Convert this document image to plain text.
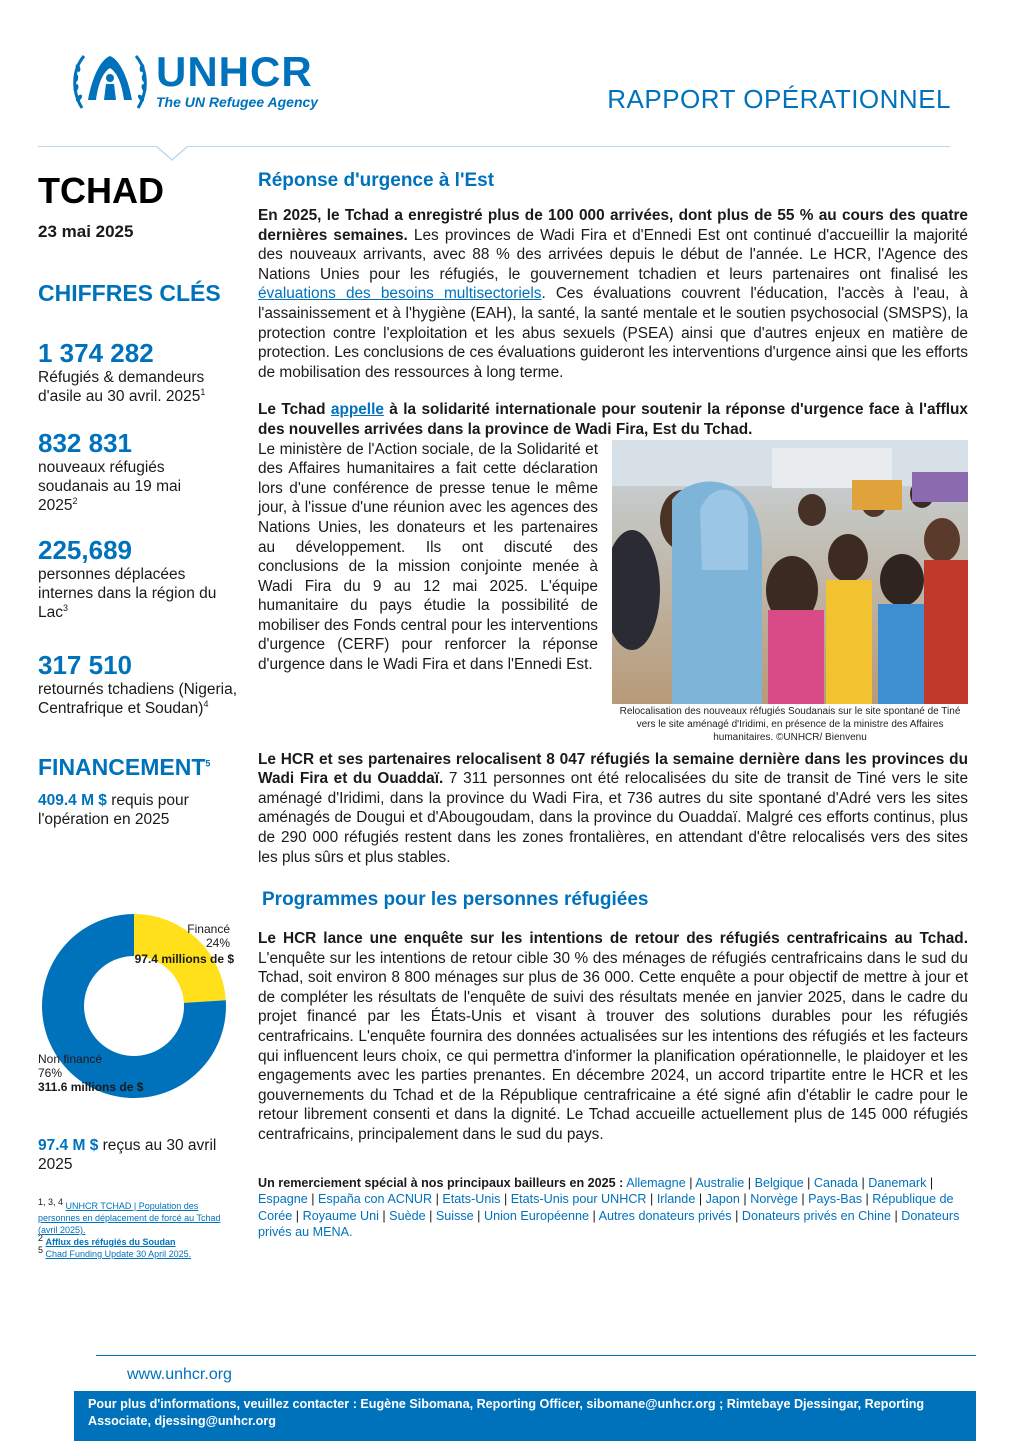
UNHCR
The UN Refugee Agency	RAPPORT OPÉRATIONNEL
TCHAD
23 mai 2025
CHIFFRES CLÉS
1 374 282
Réfugiés & demandeurs d'asile au 30 avril. 2025$^1$
832 831
nouveaux réfugiés soudanais au 19 mai 2025$^2$
225,689
personnes déplacées internes dans la région du Lac$^3$
317 510
retournés tchadiens (Nigeria, Centrafrique et Soudan)$^4$
FINANCEMENT$^5$
409.4 M $ requis pour l'opération en 2025
Financé
24%
97.4 millions de $
Non financé
76%
311.6 millions de $
97.4 M $ reçus au 30 avril 2025
$^{1, 3, 4}$ UNHCR TCHAD | Population des personnes en déplacement de forcé au Tchad (avril 2025).
$^2$ Afflux des réfugiés du Soudan
$^5$ Chad Funding Update 30 April 2025.
Réponse d'urgence à l'Est

En 2025, le Tchad a enregistré plus de 100 000 arrivées, dont plus de 55 % au cours des quatre dernières semaines. Les provinces de Wadi Fira et d'Ennedi Est ont continué d'accueillir la majorité des nouveaux arrivants, avec 88 % des arrivées depuis le début de l'année. Le HCR, l'Agence des Nations Unies pour les réfugiés, le gouvernement tchadien et leurs partenaires ont finalisé les évaluations des besoins multisectoriels. Ces évaluations couvrent l'éducation, l'accès à l'eau, à l'assainissement et à l'hygiène (EAH), la santé, la santé mentale et le soutien psychosocial (SMSPS), la protection contre l'exploitation et les abus sexuels (PSEA) ainsi que d'autres enjeux en matière de protection. Les conclusions de ces évaluations guideront les interventions d'urgence ainsi que les efforts de mobilisation des ressources à long terme.

Le Tchad appelle à la solidarité internationale pour soutenir la réponse d'urgence face à l'afflux des nouvelles arrivées dans la province de Wadi Fira, Est du Tchad.

Relocalisation des nouveaux réfugiés Soudanais sur le site spontané de Tiné vers le site aménagé d'Iridimi, en présence de la ministre des Affaires humanitaires. ©UNHCR/ Bienvenu

Le ministère de l'Action sociale, de la Solidarité et des Affaires humanitaires a fait cette déclaration lors d'une conférence de presse tenue le même jour, à l'issue d'une réunion avec les agences des Nations Unies, les donateurs et les partenaires au développement. Ils ont discuté des conclusions de la mission conjointe menée à Wadi Fira du 9 au 12 mai 2025. L'équipe humanitaire du pays étudie la possibilité de mobiliser des Fonds central pour les interventions d'urgence (CERF) pour renforcer la réponse d'urgence dans le Wadi Fira et dans l'Ennedi Est.

Le HCR et ses partenaires relocalisent 8 047 réfugiés la semaine dernière dans les provinces du Wadi Fira et du Ouaddaï. 7 311 personnes ont été relocalisées du site de transit de Tiné vers le site aménagé d'Iridimi, dans la province du Wadi Fira, et 736 autres du site spontané d'Adré vers les sites aménagés de Dougui et d'Abougoudam, dans la province du Ouaddaï. Malgré ces efforts continus, plus de 290 000 réfugiés restent dans les zones frontalières, en attendant d'être relocalisés vers des sites les plus sûrs et plus stables.

Programmes pour les personnes réfugiées

Le HCR lance une enquête sur les intentions de retour des réfugiés centrafricains au Tchad. L'enquête sur les intentions de retour cible 30 % des ménages de réfugiés centrafricains dans le sud du Tchad, soit environ 8 800 ménages sur plus de 36 000. Cette enquête a pour objectif de mettre à jour et de compléter les résultats de l'enquête de suivi des résultats menée en janvier 2025, dans le cadre du projet financé par les États-Unis et visant à trouver des solutions durables pour les réfugiés centrafricains. L'enquête fournira des données actualisées sur les intentions des réfugiés et les facteurs qui influencent leurs choix, ce qui permettra d'informer la planification opérationnelle, le plaidoyer et les engagements avec les parties prenantes. En décembre 2024, un accord tripartite entre le HCR et les gouvernements du Tchad et de la République centrafricaine a été signé afin d'établir le cadre pour le retour librement consenti et dans la dignité. Le Tchad accueille actuellement plus de 145 000 réfugiés centrafricains, principalement dans le sud du pays.

Un remerciement spécial à nos principaux bailleurs en 2025 : Allemagne | Australie | Belgique | Canada | Danemark | Espagne | España con ACNUR | Etats-Unis | Etats-Unis pour UNHCR | Irlande | Japon | Norvège | Pays-Bas | République de Corée | Royaume Uni | Suède | Suisse | Union Européenne | Autres donateurs privés | Donateurs privés en Chine | Donateurs privés au MENA.
www.unhcr.org
Pour plus d'informations, veuillez contacter : Eugène Sibomana, Reporting Officer, sibomane@unhcr.org ; Rimtebaye Djessingar, Reporting Associate, djessing@unhcr.org
